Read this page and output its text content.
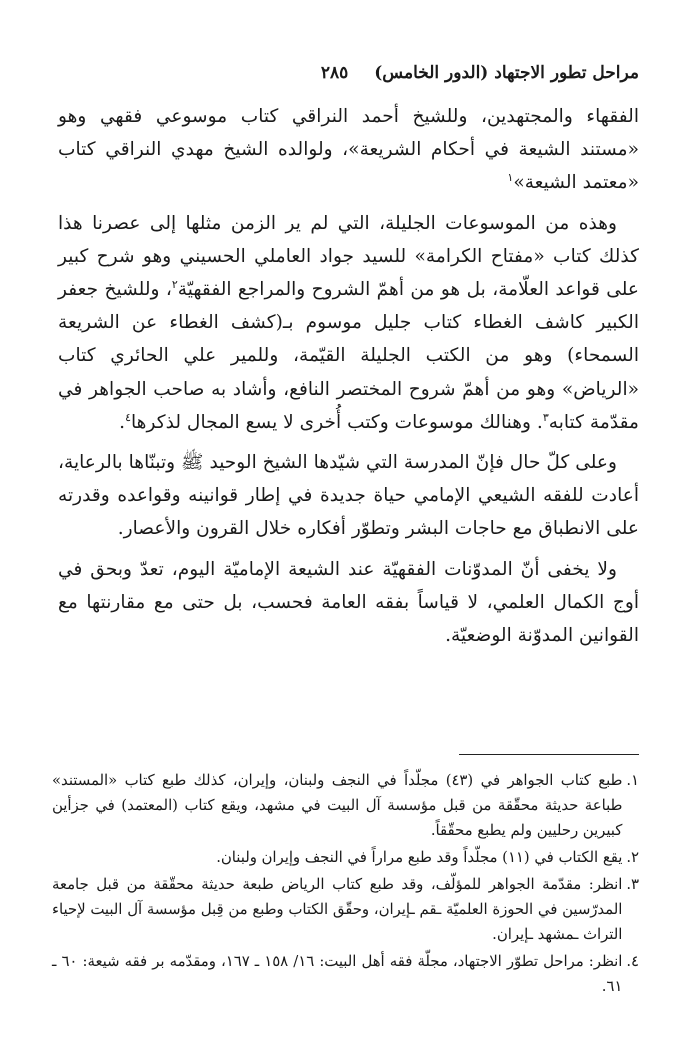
مراحل تطور الاجتهاد (الدور الخامس)
٢٨٥

الفقهاء والمجتهدين، وللشيخ أحمد النراقي كتاب موسوعي فقهي وهو «مستند الشيعة في أحكام الشريعة»، ولوالده الشيخ مهدي النراقي كتاب «معتمد الشيعة»$^١$

وهذه من الموسوعات الجليلة، التي لم ير الزمن مثلها إلى عصرنا هذا كذلك كتاب «مفتاح الكرامة» للسيد جواد العاملي الحسيني وهو شرح كبير على قواعد العلّامة، بل هو من أهمّ الشروح والمراجع الفقهيّة$^٢$، وللشيخ جعفر الكبير كاشف الغطاء كتاب جليل موسوم بـ(كشف الغطاء عن الشريعة السمحاء) وهو من الكتب الجليلة القيّمة، وللمير علي الحائري كتاب «الرياض» وهو من أهمّ شروح المختصر النافع، وأشاد به صاحب الجواهر في مقدّمة كتابه$^٣$. وهنالك موسوعات وكتب أُخرى لا يسع المجال لذكرها$^٤$.

وعلى كلّ حال فإنّ المدرسة التي شيّدها الشيخ الوحيد ﷺ وتبنّاها بالرعاية، أعادت للفقه الشيعي الإمامي حياة جديدة في إطار قوانينه وقواعده وقدرته على الانطباق مع حاجات البشر وتطوّر أفكاره خلال القرون والأعصار.

ولا يخفى أنّ المدوّنات الفقهيّة عند الشيعة الإماميّة اليوم، تعدّ وبحق في أوج الكمال العلمي، لا قياساً بفقه العامة فحسب، بل حتى مع مقارنتها مع القوانين المدوّنة الوضعيّة.

١.
طبع كتاب الجواهر في (٤٣) مجلّداً في النجف ولبنان، وإيران، كذلك طبع كتاب «المستند» طباعة حديثة محقّقة من قبل مؤسسة آل البيت في مشهد، ويقع كتاب (المعتمد) في جزأين كبيرين رحليين ولم يطبع محقّقاً.
٢.
يقع الكتاب في (١١) مجلّداً وقد طبع مراراً في النجف وإيران ولبنان.
٣.
انظر: مقدّمة الجواهر للمؤلّف، وقد طبع كتاب الرياض طبعة حديثة محقّقة من قبل جامعة المدرّسين في الحوزة العلميّة ـقم ـإيران، وحقّق الكتاب وطبع من قِبل مؤسسة آل البيت لإحياء التراث ـمشهد ـإيران.
٤.
انظر: مراحل تطوّر الاجتهاد، مجلّة فقه أهل البيت: ١٦/ ١٥٨ ـ ١٦٧، ومقدّمه بر فقه شيعة: ٦٠ ـ ٦١.
